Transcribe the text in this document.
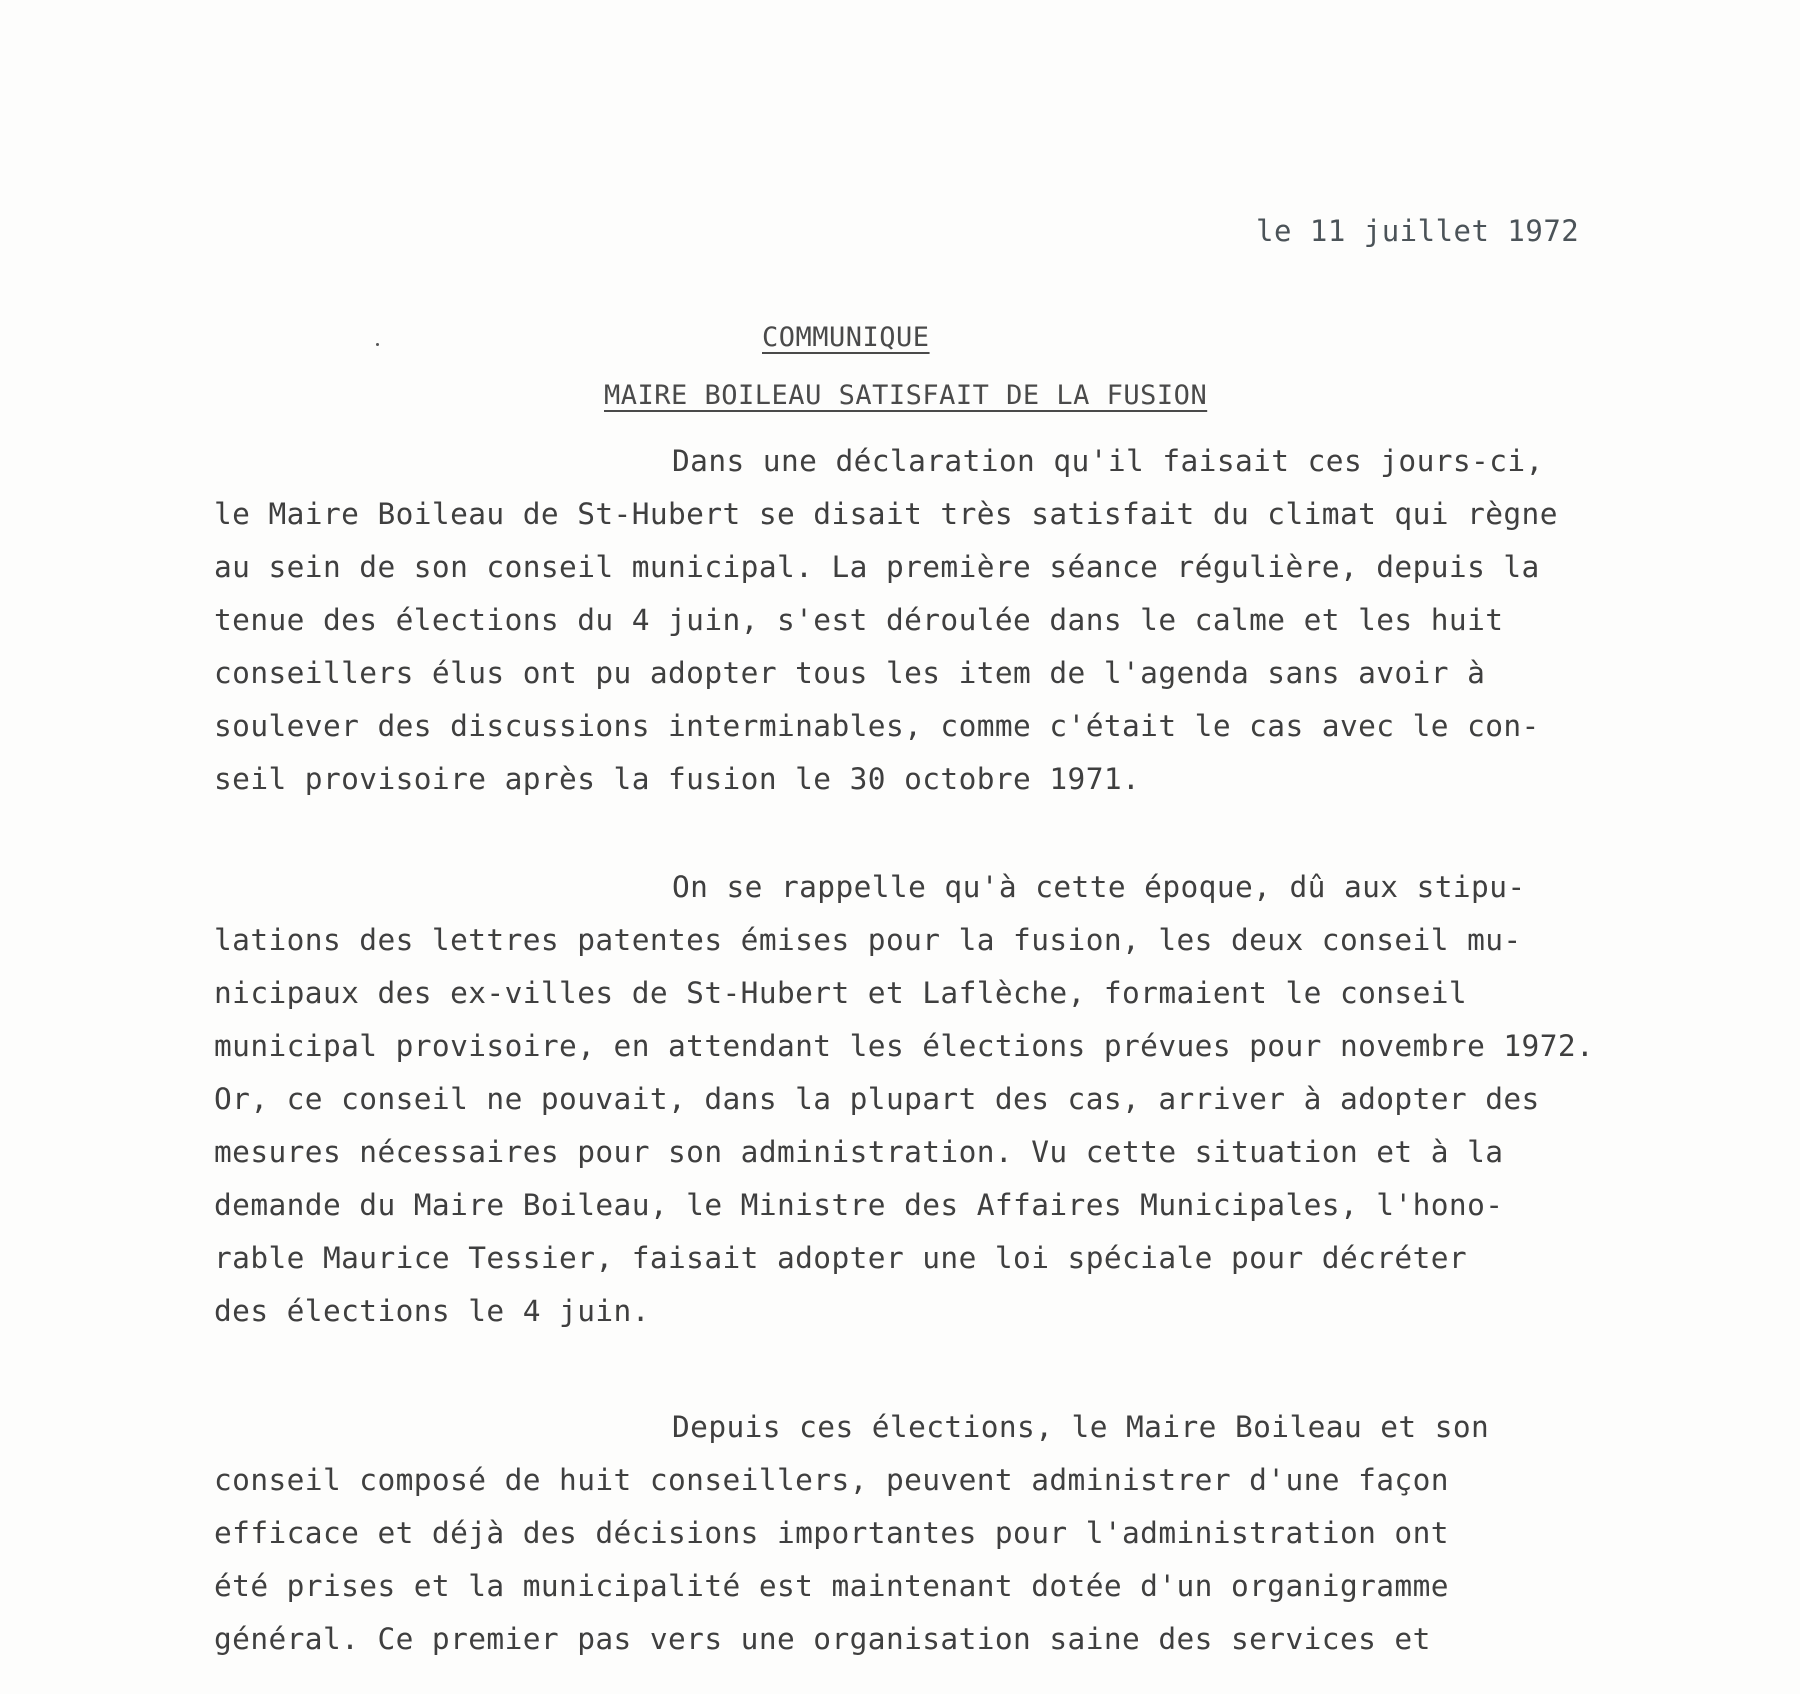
le 11 juillet 1972
COMMUNIQUE
MAIRE BOILEAU SATISFAIT DE LA FUSION
Dans une déclaration qu'il faisait ces jours-ci,
le Maire Boileau de St-Hubert se disait très satisfait du climat qui règne
au sein de son conseil municipal. La première séance régulière, depuis la
tenue des élections du 4 juin, s'est déroulée dans le calme et les huit
conseillers élus ont pu adopter tous les item de l'agenda sans avoir à
soulever des discussions interminables, comme c'était le cas avec le con-
seil provisoire après la fusion le 30 octobre 1971.
On se rappelle qu'à cette époque, dû aux stipu-
lations des lettres patentes émises pour la fusion, les deux conseil mu-
nicipaux des ex-villes de St-Hubert et Laflèche, formaient le conseil
municipal provisoire, en attendant les élections prévues pour novembre 1972.
Or, ce conseil ne pouvait, dans la plupart des cas, arriver à adopter des
mesures nécessaires pour son administration. Vu cette situation et à la
demande du Maire Boileau, le Ministre des Affaires Municipales, l'hono-
rable Maurice Tessier, faisait adopter une loi spéciale pour décréter
des élections le 4 juin.
Depuis ces élections, le Maire Boileau et son
conseil composé de huit conseillers, peuvent administrer d'une façon
efficace et déjà des décisions importantes pour l'administration ont
été prises et la municipalité est maintenant dotée d'un organigramme
général. Ce premier pas vers une organisation saine des services et
